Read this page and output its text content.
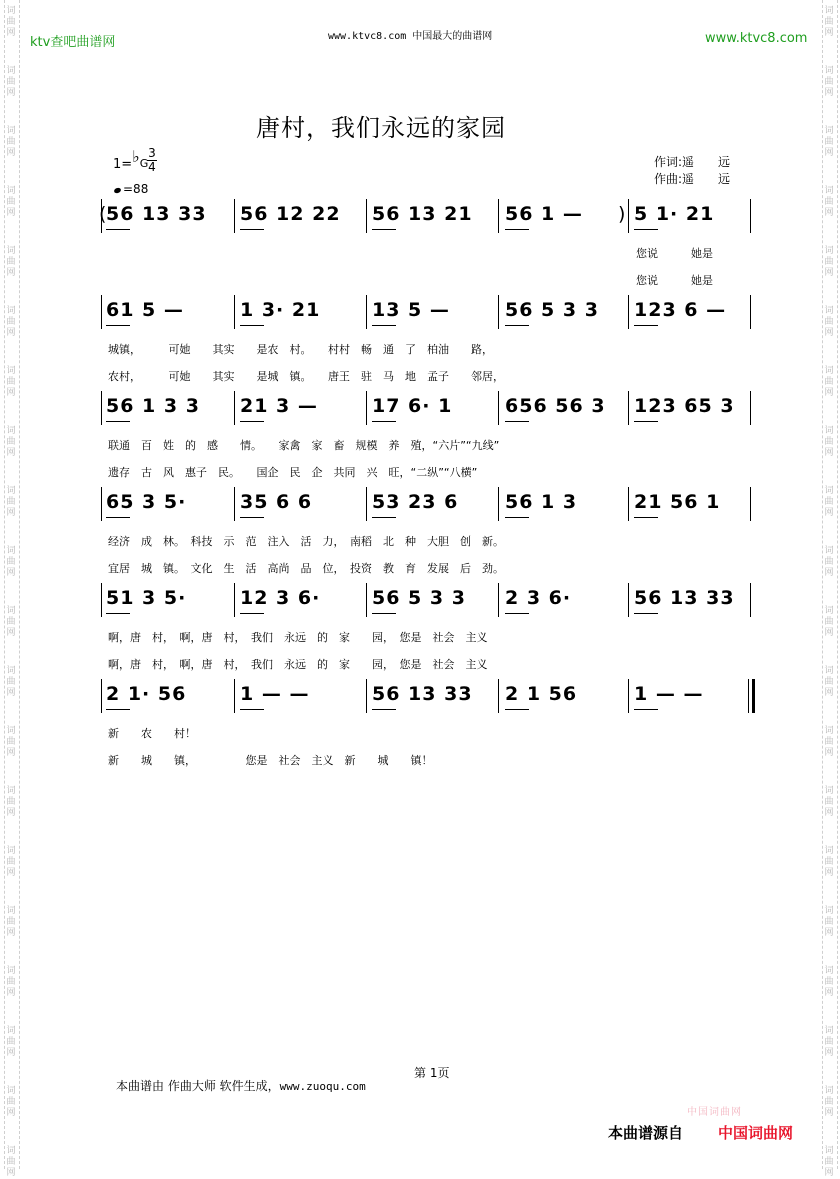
词
曲
网
词
曲
网
词
曲
网
词
曲
网
词
曲
网
词
曲
网
词
曲
网
词
曲
网
词
曲
网
词
曲
网
词
曲
网
词
曲
网
词
曲
网
词
曲
网
词
曲
网
词
曲
网
词
曲
网
词
曲
网
词
曲
网
词
曲
网
词
曲
网
词
曲
网
词
曲
网
词
曲
网
词
曲
网
词
曲
网
词
曲
网
词
曲
网
词
曲
网
词
曲
网
词
曲
网
词
曲
网
词
曲
网
词
曲
网
词
曲
网
词
曲
网
词
曲
网
词
曲
网
词
曲
网
词
曲
网
ktv查吧曲谱网	www.ktvc8.com 中国最大的曲谱网	www.ktvc8.com
唐村，我们永远的家园
1=♭G
3
4
=88
作词:遥　　远
作曲:遥　　远
56 13 33 56 12 22 56 13 21 56 1 —	5 1· 21
您说　　　她是
您说　　　她是
61 5 —	1 3· 21	13 5 —	56 5 3 3 123 6 —
城镇，　　　可她　　其实　　是农　村。　　村村　畅　通　了　柏油　　路，
农村，　　　可她　　其实　　是城　镇。　　唐王　驻　马　地　孟子　　邻居，
56 1 3 3 21 3 —	17 6· 1	656 56 3 123 65 3
联通　百　姓　的　感　　情。　　家禽　家　畜　规模　养　殖，“六片”“九线”
遗存　古　风　惠子　民。　　国企　民　企　共同　兴　旺，“二纵”“八横”
65 3 5·	35 6 6	53 23 6 56 1 3	21 56 1
经济　成　林。　科技　示　范　注入　活　力，　南稻　北　种　大胆　创　新。
宜居　城　镇。　文化　生　活　高尚　品　位，　投资　教　育　发展　后　劲。
51 3 5·	12 3 6·	56 5 3 3 2 3 6·	56 13 33
啊，唐　村，　啊，唐　村，　我们　永远　的　家　　园，　您是　社会　主义
啊，唐　村，　啊，唐　村，　我们　永远　的　家　　园，　您是　社会　主义
2 1· 56	1 — —	56 13 33 2 1 56	1 — —
新　　农　　村！
新　　城　　镇，　　　　　您是　社会　主义　新　　城　　镇！
(	)
第 1页
本曲谱由 作曲大师 软件生成，www.zuoqu.com
中国词曲网
本曲谱源自 中国词曲网
